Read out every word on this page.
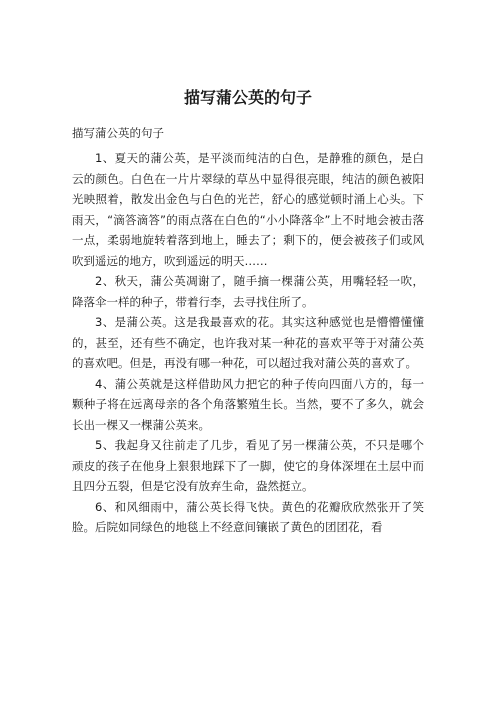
描写蒲公英的句子

描写蒲公英的句子

1、夏天的蒲公英，是平淡而纯洁的白色，是静雅的颜色，是白云的颜色。白色在一片片翠绿的草丛中显得很亮眼，纯洁的颜色被阳光映照着，散发出金色与白色的光芒，舒心的感觉顿时涌上心头。下雨天，“滴答滴答”的雨点落在白色的“小小降落伞”上不时地会被击落一点，柔弱地旋转着落到地上，睡去了；剩下的，便会被孩子们或风吹到遥远的地方，吹到遥远的明天……

2、秋天，蒲公英凋谢了，随手摘一棵蒲公英，用嘴轻轻一吹，降落伞一样的种子，带着行李，去寻找住所了。

3、是蒲公英。这是我最喜欢的花。其实这种感觉也是懵懵懂懂的，甚至，还有些不确定，也许我对某一种花的喜欢平等于对蒲公英的喜欢吧。但是，再没有哪一种花，可以超过我对蒲公英的喜欢了。

4、蒲公英就是这样借助风力把它的种子传向四面八方的，每一颗种子将在远离母亲的各个角落繁殖生长。当然，要不了多久，就会长出一棵又一棵蒲公英来。

5、我起身又往前走了几步，看见了另一棵蒲公英，不只是哪个顽皮的孩子在他身上狠狠地踩下了一脚，使它的身体深埋在土层中而且四分五裂，但是它没有放弃生命，盎然挺立。

6、和风细雨中，蒲公英长得飞快。黄色的花瓣欣欣然张开了笑脸。后院如同绿色的地毯上不经意间镶嵌了黄色的团团花，看
